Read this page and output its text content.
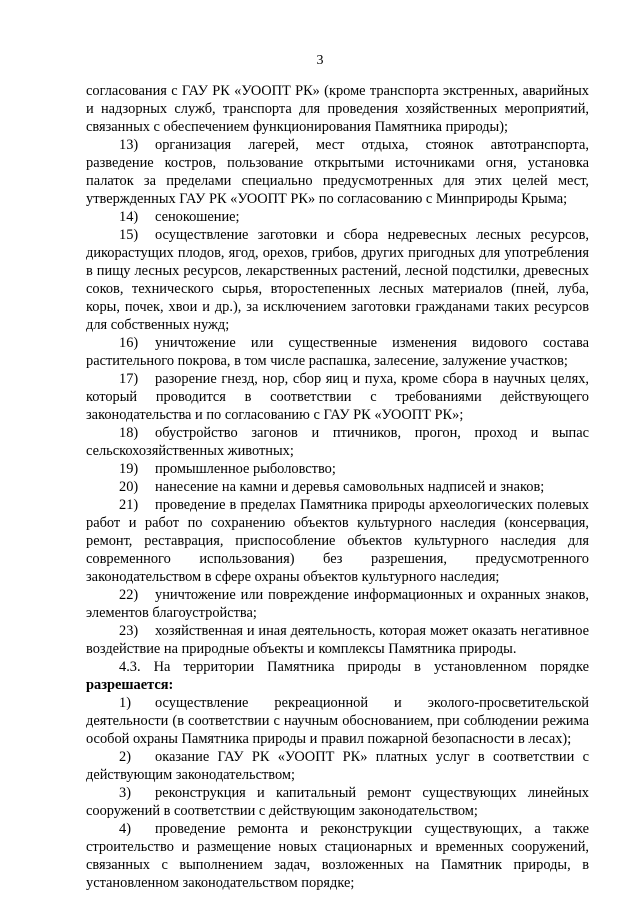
3

согласования с ГАУ РК «УООПТ РК» (кроме транспорта экстренных, аварийных и надзорных служб, транспорта для проведения хозяйственных мероприятий, связанных с обеспечением функционирования Памятника природы);

13) организация лагерей, мест отдыха, стоянок автотранспорта, разведение костров, пользование открытыми источниками огня, установка палаток за пределами специально предусмотренных для этих целей мест, утвержденных ГАУ РК «УООПТ РК» по согласованию с Минприроды Крыма;

14) сенокошение;

15) осуществление заготовки и сбора недревесных лесных ресурсов, дикорастущих плодов, ягод, орехов, грибов, других пригодных для употребления в пищу лесных ресурсов, лекарственных растений, лесной подстилки, древесных соков, технического сырья, второстепенных лесных материалов (пней, луба, коры, почек, хвои и др.), за исключением заготовки гражданами таких ресурсов для собственных нужд;

16) уничтожение или существенные изменения видового состава растительного покрова, в том числе распашка, залесение, залужение участков;

17) разорение гнезд, нор, сбор яиц и пуха, кроме сбора в научных целях, который проводится в соответствии с требованиями действующего законодательства и по согласованию с ГАУ РК «УООПТ РК»;

18) обустройство загонов и птичников, прогон, проход и выпас сельскохозяйственных животных;

19) промышленное рыболовство;

20) нанесение на камни и деревья самовольных надписей и знаков;

21) проведение в пределах Памятника природы археологических полевых работ и работ по сохранению объектов культурного наследия (консервация, ремонт, реставрация, приспособление объектов культурного наследия для современного использования) без разрешения, предусмотренного законодательством в сфере охраны объектов культурного наследия;

22) уничтожение или повреждение информационных и охранных знаков, элементов благоустройства;

23) хозяйственная и иная деятельность, которая может оказать негативное воздействие на природные объекты и комплексы Памятника природы.

4.3. На территории Памятника природы в установленном порядке разрешается:

1) осуществление рекреационной и эколого-просветительской деятельности (в соответствии с научным обоснованием, при соблюдении режима особой охраны Памятника природы и правил пожарной безопасности в лесах);

2) оказание ГАУ РК «УООПТ РК» платных услуг в соответствии с действующим законодательством;

3) реконструкция и капитальный ремонт существующих линейных сооружений в соответствии с действующим законодательством;

4) проведение ремонта и реконструкции существующих, а также строительство и размещение новых стационарных и временных сооружений, связанных с выполнением задач, возложенных на Памятник природы, в установленном законодательством порядке;
